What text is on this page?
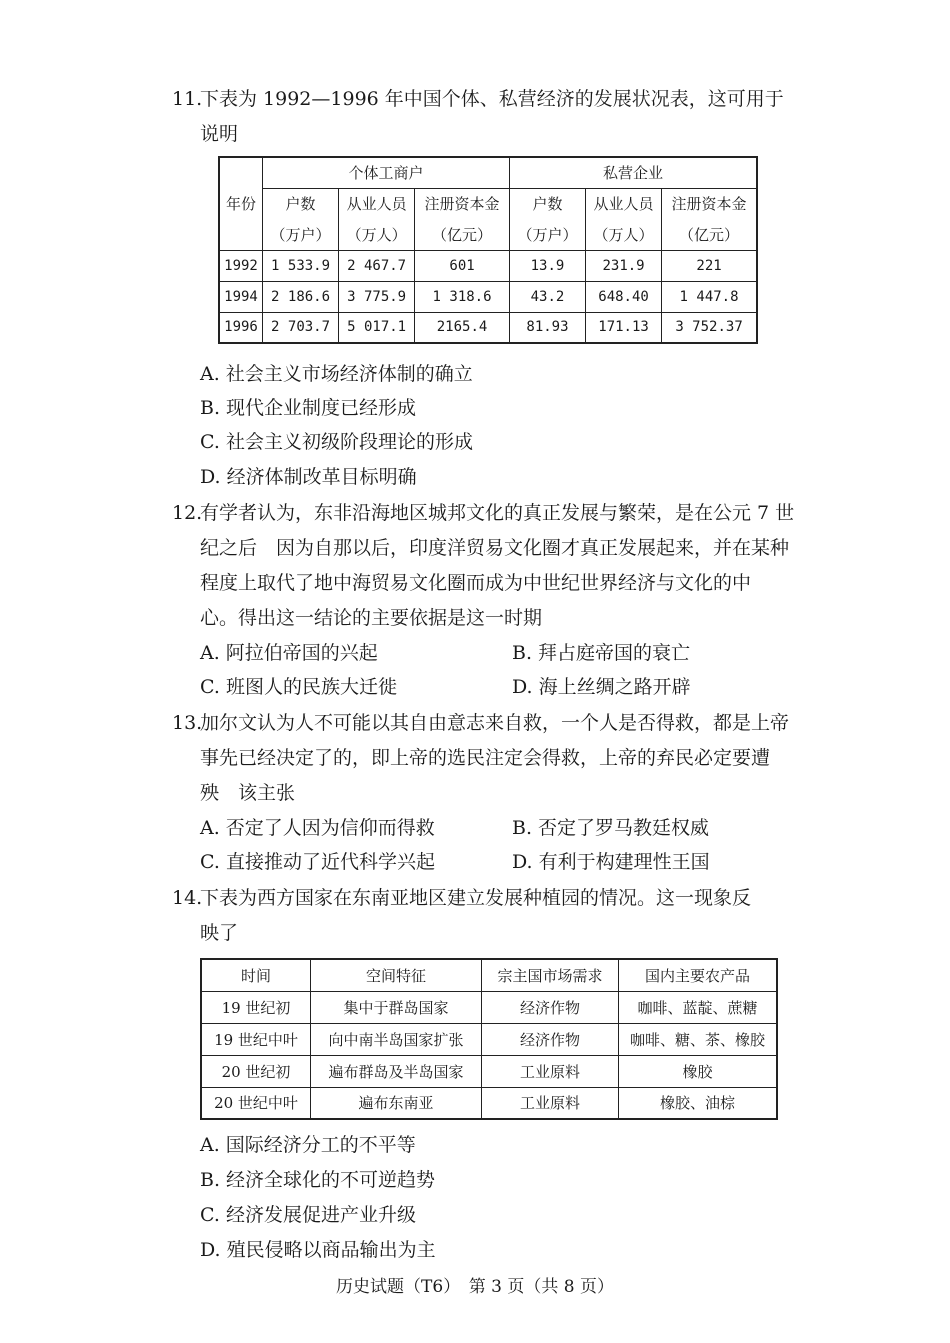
11.
下表为 1992—1996 年中国个体、私营经济的发展状况表，这可用于
说明
年份	个体工商户			私营企业		
	户数	从业人员	注册资本金	户数	从业人员	注册资本金
	（万户）	（万人）	（亿元）	（万户）	（万人）	（亿元）
1992	1 533.9	2 467.7	601	13.9	231.9	221
1994	2 186.6	3 775.9	1 318.6	43.2	648.40	1 447.8
1996	2 703.7	5 017.1	2165.4	81.93	171.13	3 752.37
A. 社会主义市场经济体制的确立
B. 现代企业制度已经形成
C. 社会主义初级阶段理论的形成
D. 经济体制改革目标明确
12.
有学者认为，东非沿海地区城邦文化的真正发展与繁荣，是在公元 7 世
纪之后　因为自那以后，印度洋贸易文化圈才真正发展起来，并在某种
程度上取代了地中海贸易文化圈而成为中世纪世界经济与文化的中
心。得出这一结论的主要依据是这一时期
A. 阿拉伯帝国的兴起	B. 拜占庭帝国的衰亡
C. 班图人的民族大迁徙	D. 海上丝绸之路开辟
13.
加尔文认为人不可能以其自由意志来自救，一个人是否得救，都是上帝
事先已经决定了的，即上帝的选民注定会得救，上帝的弃民必定要遭
殃　该主张
A. 否定了人因为信仰而得救	B. 否定了罗马教廷权威
C. 直接推动了近代科学兴起	D. 有利于构建理性王国
14.
下表为西方国家在东南亚地区建立发展种植园的情况。这一现象反
映了
时间	空间特征	宗主国市场需求	国内主要农产品
19 世纪初	集中于群岛国家	经济作物	咖啡、蓝靛、蔗糖
19 世纪中叶	向中南半岛国家扩张	经济作物	咖啡、糖、茶、橡胶
20 世纪初	遍布群岛及半岛国家	工业原料	橡胶
20 世纪中叶	遍布东南亚	工业原料	橡胶、油棕
A. 国际经济分工的不平等
B. 经济全球化的不可逆趋势
C. 经济发展促进产业升级
D. 殖民侵略以商品输出为主
历史试题（T6）　第 3 页（共 8 页）
